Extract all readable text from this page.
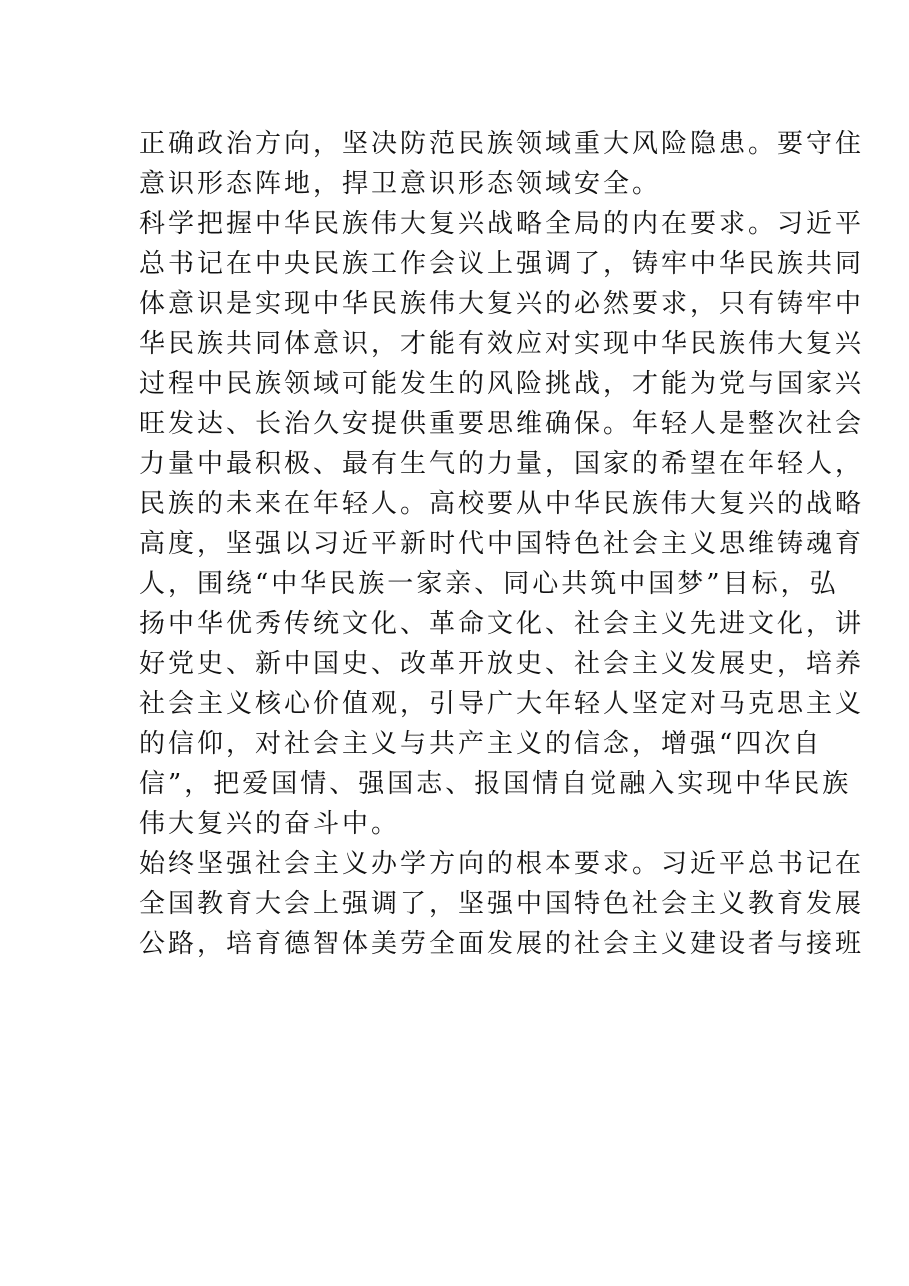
正确政治方向，坚决防范民族领域重大风险隐患。要守住
意识形态阵地，捍卫意识形态领域安全。
科学把握中华民族伟大复兴战略全局的内在要求。习近平
总书记在中央民族工作会议上强调了，铸牢中华民族共同
体意识是实现中华民族伟大复兴的必然要求，只有铸牢中
华民族共同体意识，才能有效应对实现中华民族伟大复兴
过程中民族领域可能发生的风险挑战，才能为党与国家兴
旺发达、长治久安提供重要思维确保。年轻人是整次社会
力量中最积极、最有生气的力量，国家的希望在年轻人，
民族的未来在年轻人。高校要从中华民族伟大复兴的战略
高度，坚强以习近平新时代中国特色社会主义思维铸魂育
人，围绕“中华民族一家亲、同心共筑中国梦”目标，弘
扬中华优秀传统文化、革命文化、社会主义先进文化，讲
好党史、新中国史、改革开放史、社会主义发展史，培养
社会主义核心价值观，引导广大年轻人坚定对马克思主义
的信仰，对社会主义与共产主义的信念，增强“四次自
信”，把爱国情、强国志、报国情自觉融入实现中华民族
伟大复兴的奋斗中。
始终坚强社会主义办学方向的根本要求。习近平总书记在
全国教育大会上强调了，坚强中国特色社会主义教育发展
公路，培育德智体美劳全面发展的社会主义建设者与接班
